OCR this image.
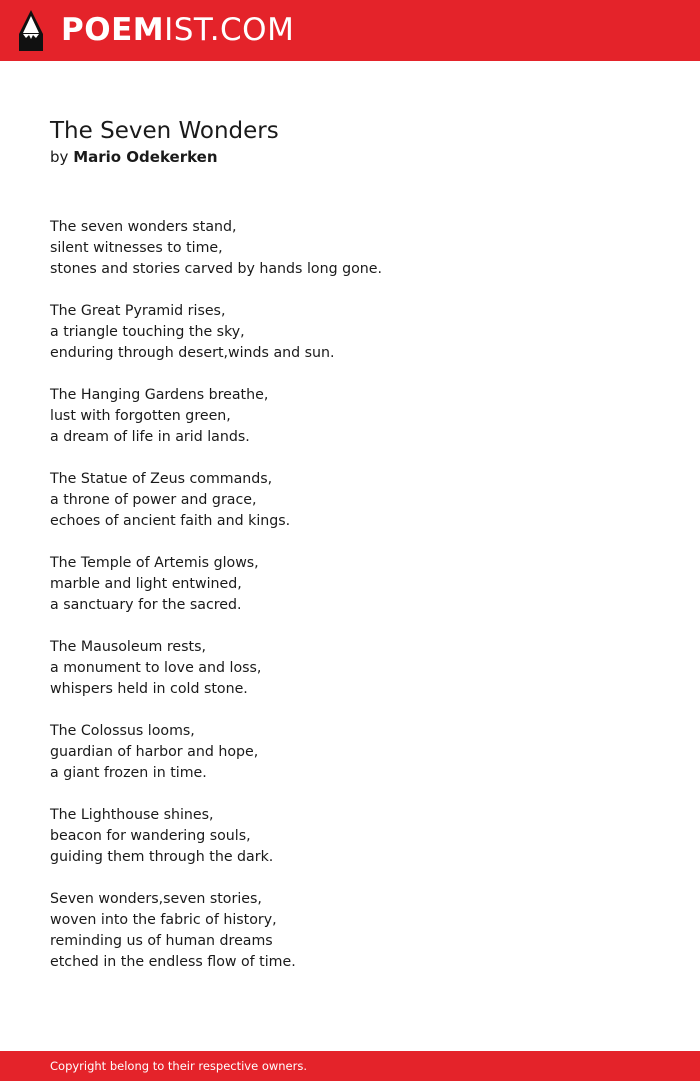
POEMIST.COM
The Seven Wonders

by Mario Odekerken

The seven wonders stand,
silent witnesses to time,
stones and stories carved by hands long gone.
The Great Pyramid rises,
a triangle touching the sky,
enduring through desert,winds and sun.
The Hanging Gardens breathe,
lust with forgotten green,
a dream of life in arid lands.
The Statue of Zeus commands,
a throne of power and grace,
echoes of ancient faith and kings.
The Temple of Artemis glows,
marble and light entwined,
a sanctuary for the sacred.
The Mausoleum rests,
a monument to love and loss,
whispers held in cold stone.
The Colossus looms,
guardian of harbor and hope,
a giant frozen in time.
The Lighthouse shines,
beacon for wandering souls,
guiding them through the dark.
Seven wonders,seven stories,
woven into the fabric of history,
reminding us of human dreams
etched in the endless flow of time.
Copyright belong to their respective owners.
